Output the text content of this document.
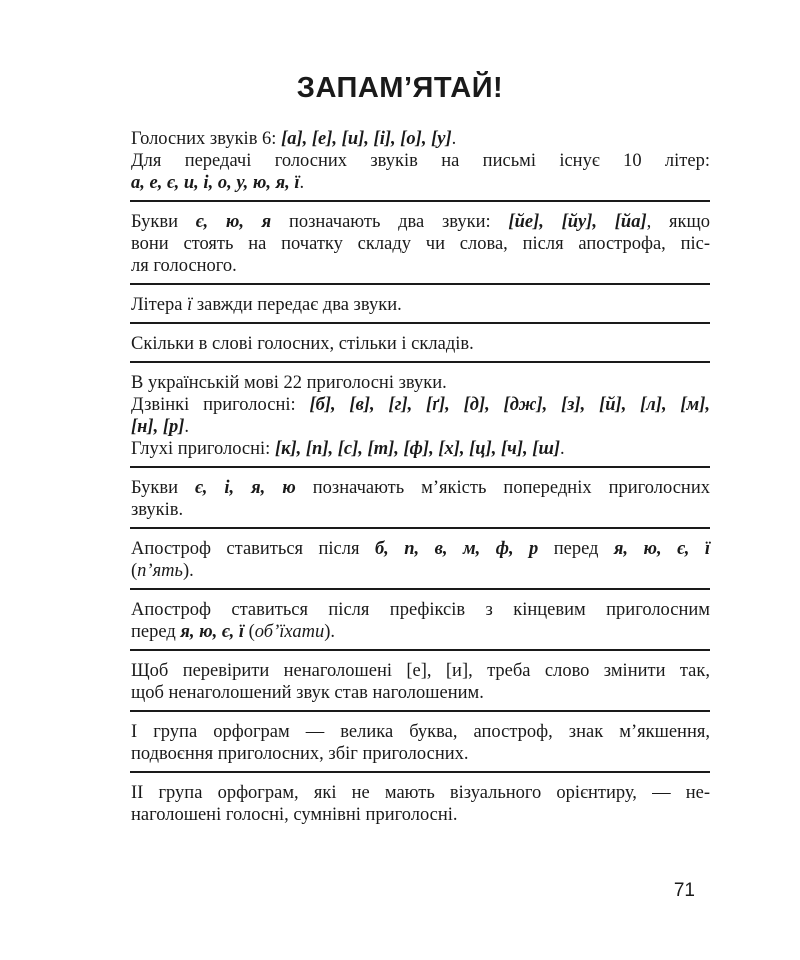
ЗАПАМ’ЯТАЙ!
Голосних звуків 6: [а], [е], [и], [і], [о], [у].
Для передачі голосних звуків на письмі існує 10 літер:
а, е, є, и, і, о, у, ю, я, ї.
Букви є, ю, я позначають два звуки: [йе], [йу], [йа], якщо
вони стоять на початку складу чи слова, після апострофа, піс-
ля голосного.
Літера ї завжди передає два звуки.
Скільки в слові голосних, стільки і складів.
В українській мові 22 приголосні звуки.
Дзвінкі приголосні: [б], [в], [г], [ґ], [д], [дж], [з], [й], [л], [м],
[н], [р].
Глухі приголосні: [к], [п], [с], [т], [ф], [х], [ц], [ч], [ш].
Букви є, і, я, ю позначають м’якість попередніх приголосних
звуків.
Апостроф ставиться після б, п, в, м, ф, р перед я, ю, є, ї
(п’ять).
Апостроф ставиться після префіксів з кінцевим приголосним
перед я, ю, є, ї (об’їхати).
Щоб перевірити ненаголошені [е], [и], треба слово змінити так,
щоб ненаголошений звук став наголошеним.
І група орфограм — велика буква, апостроф, знак м’якшення,
подвоєння приголосних, збіг приголосних.
ІІ група орфограм, які не мають візуального орієнтиру, — не-
наголошені голосні, сумнівні приголосні.
71
